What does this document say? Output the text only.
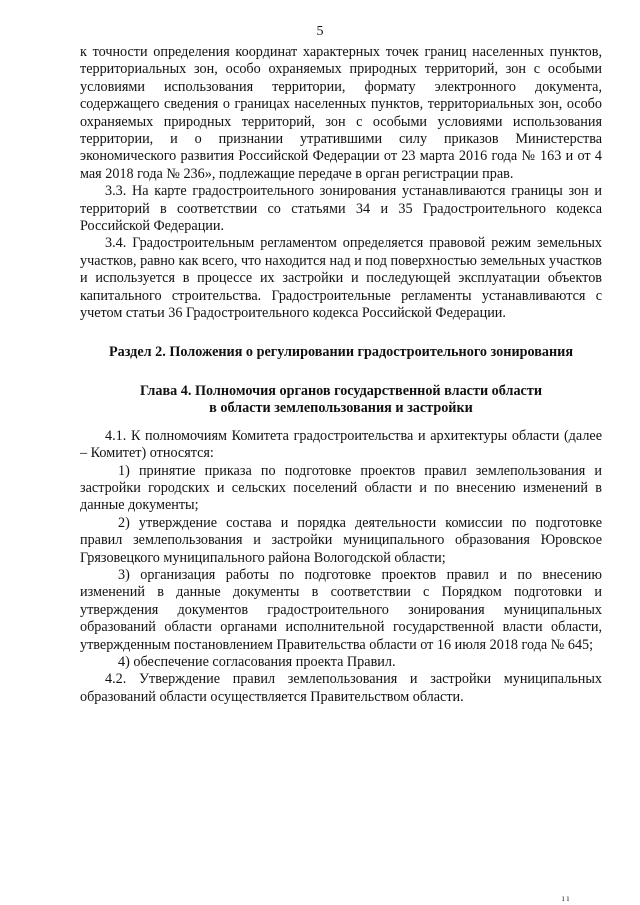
5

к точности определения координат характерных точек границ населенных пунктов, территориальных зон, особо охраняемых природных территорий, зон с особыми условиями использования территории, формату электронного документа, содержащего сведения о границах населенных пунктов, территориальных зон, особо охраняемых природных территорий, зон с особыми условиями использования территории, и о признании утратившими силу приказов Министерства экономического развития Российской Федерации от 23 марта 2016 года № 163 и от 4 мая 2018 года № 236», подлежащие передаче в орган регистрации прав.

3.3. На карте градостроительного зонирования устанавливаются границы зон и территорий в соответствии со статьями 34 и 35 Градостроительного кодекса Российской Федерации.

3.4. Градостроительным регламентом определяется правовой режим земельных участков, равно как всего, что находится над и под поверхностью земельных участков и используется в процессе их застройки и последующей эксплуатации объектов капитального строительства. Градостроительные регламенты устанавливаются с учетом статьи 36 Градостроительного кодекса Российской Федерации.

Раздел 2. Положения о регулировании градостроительного зонирования
Глава 4. Полномочия органов государственной власти области
в области землепользования и застройки

4.1. К полномочиям Комитета градостроительства и архитектуры области (далее – Комитет) относятся:

1) принятие приказа по подготовке проектов правил землепользования и застройки городских и сельских поселений области и по внесению изменений в данные документы;

2) утверждение состава и порядка деятельности комиссии по подготовке правил землепользования и застройки муниципального образования Юровское Грязовецкого муниципального района Вологодской области;

3) организация работы по подготовке проектов правил и по внесению изменений в данные документы в соответствии с Порядком подготовки и утверждения документов градостроительного зонирования муниципальных образований области органами исполнительной государственной власти области, утвержденным постановлением Правительства области от 16 июля 2018 года № 645;

4) обеспечение согласования проекта Правил.

4.2. Утверждение правил землепользования и застройки муниципальных образований области осуществляется Правительством области.

ı ı
